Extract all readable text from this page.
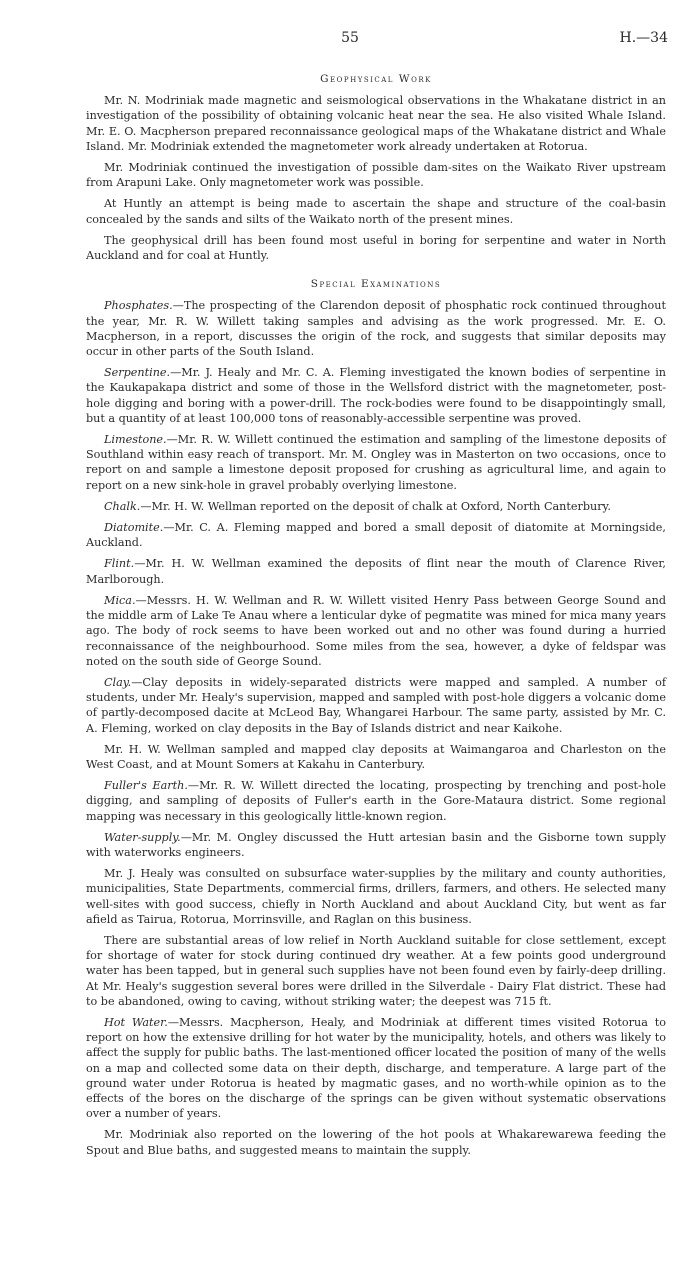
55	H.—34
Geophysical Work

Mr. N. Modriniak made magnetic and seismological observations in the Whakatane district in an investigation of the possibility of obtaining volcanic heat near the sea. He also visited Whale Island. Mr. E. O. Macpherson prepared reconnaissance geological maps of the Whakatane district and Whale Island. Mr. Modriniak extended the magnetometer work already undertaken at Rotorua.

Mr. Modriniak continued the investigation of possible dam-sites on the Waikato River upstream from Arapuni Lake. Only magnetometer work was possible.

At Huntly an attempt is being made to ascertain the shape and structure of the coal-basin concealed by the sands and silts of the Waikato north of the present mines.

The geophysical drill has been found most useful in boring for serpentine and water in North Auckland and for coal at Huntly.

Special Examinations

Phosphates.—The prospecting of the Clarendon deposit of phosphatic rock continued throughout the year, Mr. R. W. Willett taking samples and advising as the work progressed. Mr. E. O. Macpherson, in a report, discusses the origin of the rock, and suggests that similar deposits may occur in other parts of the South Island.

Serpentine.—Mr. J. Healy and Mr. C. A. Fleming investigated the known bodies of serpentine in the Kaukapakapa district and some of those in the Wellsford district with the magnetometer, post-hole digging and boring with a power-drill. The rock-bodies were found to be disappointingly small, but a quantity of at least 100,000 tons of reasonably-accessible serpentine was proved.

Limestone.—Mr. R. W. Willett continued the estimation and sampling of the limestone deposits of Southland within easy reach of transport. Mr. M. Ongley was in Masterton on two occasions, once to report on and sample a limestone deposit proposed for crushing as agricultural lime, and again to report on a new sink-hole in gravel probably overlying limestone.

Chalk.—Mr. H. W. Wellman reported on the deposit of chalk at Oxford, North Canterbury.

Diatomite.—Mr. C. A. Fleming mapped and bored a small deposit of diatomite at Morningside, Auckland.

Flint.—Mr. H. W. Wellman examined the deposits of flint near the mouth of Clarence River, Marlborough.

Mica.—Messrs. H. W. Wellman and R. W. Willett visited Henry Pass between George Sound and the middle arm of Lake Te Anau where a lenticular dyke of pegmatite was mined for mica many years ago. The body of rock seems to have been worked out and no other was found during a hurried reconnaissance of the neighbourhood. Some miles from the sea, however, a dyke of feldspar was noted on the south side of George Sound.

Clay.—Clay deposits in widely-separated districts were mapped and sampled. A number of students, under Mr. Healy's supervision, mapped and sampled with post-hole diggers a volcanic dome of partly-decomposed dacite at McLeod Bay, Whangarei Harbour. The same party, assisted by Mr. C. A. Fleming, worked on clay deposits in the Bay of Islands district and near Kaikohe.

Mr. H. W. Wellman sampled and mapped clay deposits at Waimangaroa and Charleston on the West Coast, and at Mount Somers at Kakahu in Canterbury.

Fuller's Earth.—Mr. R. W. Willett directed the locating, prospecting by trenching and post-hole digging, and sampling of deposits of Fuller's earth in the Gore-Mataura district. Some regional mapping was necessary in this geologically little-known region.

Water-supply.—Mr. M. Ongley discussed the Hutt artesian basin and the Gisborne town supply with waterworks engineers.

Mr. J. Healy was consulted on subsurface water-supplies by the military and county authorities, municipalities, State Departments, commercial firms, drillers, farmers, and others. He selected many well-sites with good success, chiefly in North Auckland and about Auckland City, but went as far afield as Tairua, Rotorua, Morrinsville, and Raglan on this business.

There are substantial areas of low relief in North Auckland suitable for close settlement, except for shortage of water for stock during continued dry weather. At a few points good underground water has been tapped, but in general such supplies have not been found even by fairly-deep drilling. At Mr. Healy's suggestion several bores were drilled in the Silverdale - Dairy Flat district. These had to be abandoned, owing to caving, without striking water; the deepest was 715 ft.

Hot Water.—Messrs. Macpherson, Healy, and Modriniak at different times visited Rotorua to report on how the extensive drilling for hot water by the municipality, hotels, and others was likely to affect the supply for public baths. The last-mentioned officer located the position of many of the wells on a map and collected some data on their depth, discharge, and temperature. A large part of the ground water under Rotorua is heated by magmatic gases, and no worth-while opinion as to the effects of the bores on the discharge of the springs can be given without systematic observations over a number of years.

Mr. Modriniak also reported on the lowering of the hot pools at Whakarewarewa feeding the Spout and Blue baths, and suggested means to maintain the supply.
